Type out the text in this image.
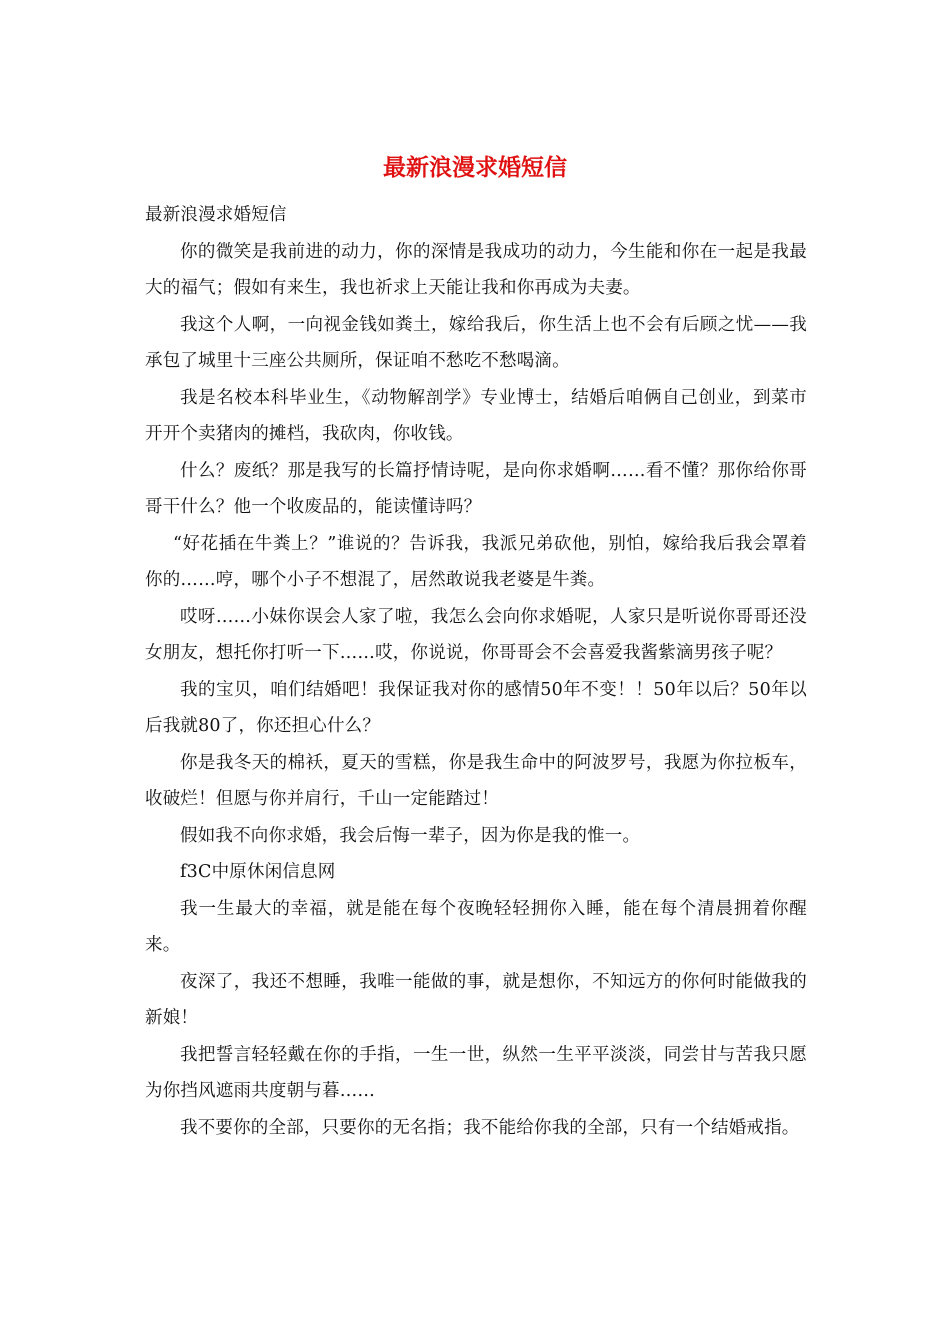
最新浪漫求婚短信

最新浪漫求婚短信

你的微笑是我前进的动力，你的深情是我成功的动力，今生能和你在一起是我最大的福气；假如有来生，我也祈求上天能让我和你再成为夫妻。

我这个人啊，一向视金钱如粪土，嫁给我后，你生活上也不会有后顾之忧——我承包了城里十三座公共厕所，保证咱不愁吃不愁喝滴。

我是名校本科毕业生，《动物解剖学》专业博士，结婚后咱俩自己创业，到菜市开开个卖猪肉的摊档，我砍肉，你收钱。

什么？废纸？那是我写的长篇抒情诗呢，是向你求婚啊……看不懂？那你给你哥哥干什么？他一个收废品的，能读懂诗吗？

“好花插在牛粪上？”谁说的？告诉我，我派兄弟砍他，别怕，嫁给我后我会罩着你的……哼，哪个小子不想混了，居然敢说我老婆是牛粪。

哎呀……小妹你误会人家了啦，我怎么会向你求婚呢，人家只是听说你哥哥还没女朋友，想托你打听一下……哎，你说说，你哥哥会不会喜爱我酱紫滴男孩子呢？

我的宝贝，咱们结婚吧！我保证我对你的感情50年不变！！50年以后？50年以后我就80了，你还担心什么？

你是我冬天的棉袄，夏天的雪糕，你是我生命中的阿波罗号，我愿为你拉板车，收破烂！但愿与你并肩行，千山一定能踏过！

假如我不向你求婚，我会后悔一辈子，因为你是我的惟一。

f3C中原休闲信息网

我一生最大的幸福，就是能在每个夜晚轻轻拥你入睡，能在每个清晨拥着你醒来。

夜深了，我还不想睡，我唯一能做的事，就是想你，不知远方的你何时能做我的新娘！

我把誓言轻轻戴在你的手指，一生一世，纵然一生平平淡淡，同尝甘与苦我只愿为你挡风遮雨共度朝与暮……

我不要你的全部，只要你的无名指；我不能给你我的全部，只有一个结婚戒指。
